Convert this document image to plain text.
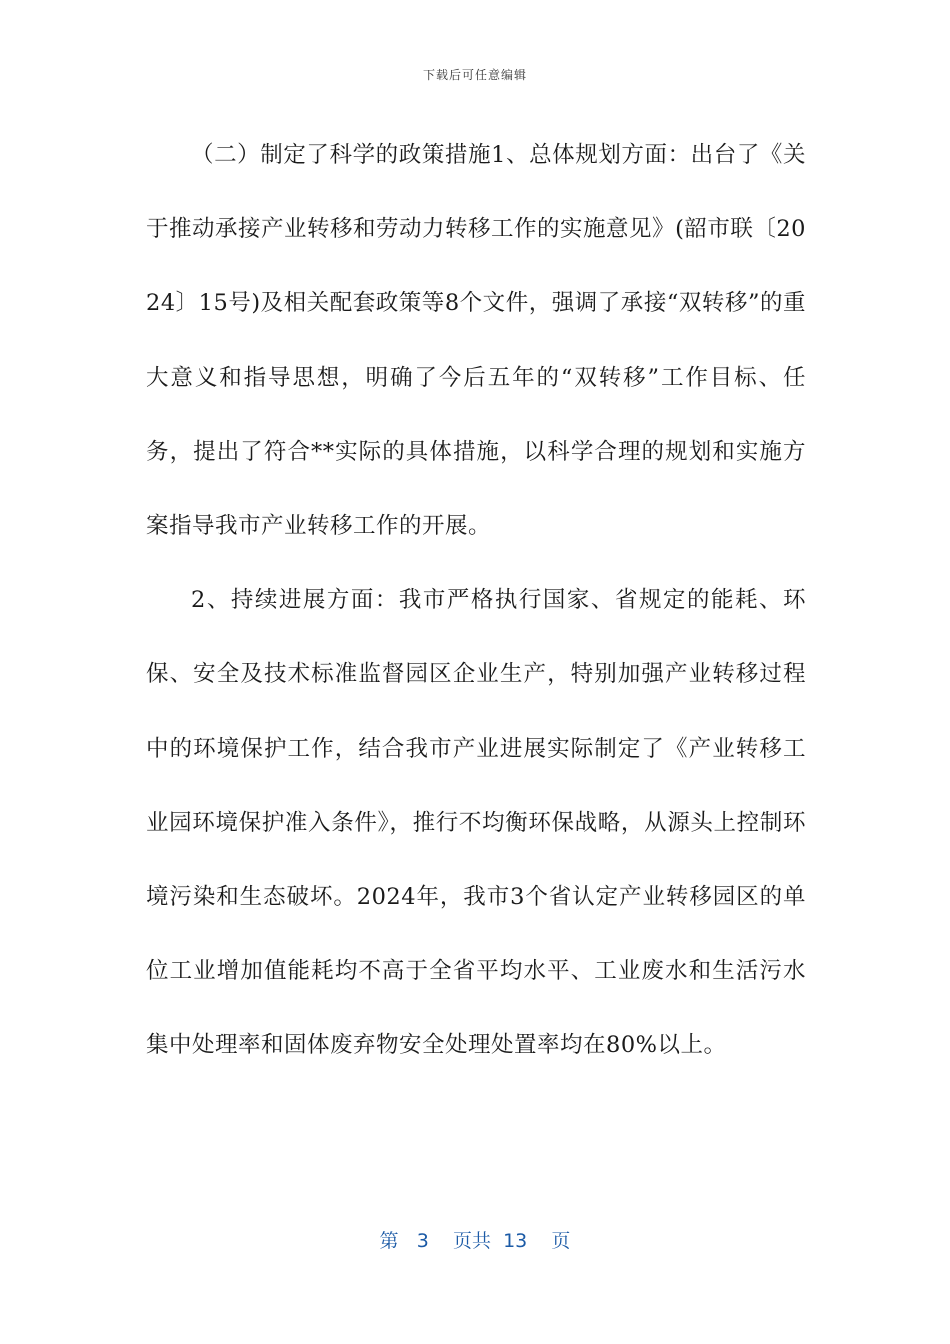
下载后可任意编辑

（二）制定了科学的政策措施1、总体规划方面：出台了《关于推动承接产业转移和劳动力转移工作的实施意见》(韶市联〔2024〕15号)及相关配套政策等8个文件，强调了承接“双转移”的重大意义和指导思想，明确了今后五年的“双转移”工作目标、任务，提出了符合**实际的具体措施，以科学合理的规划和实施方案指导我市产业转移工作的开展。

2、持续进展方面：我市严格执行国家、省规定的能耗、环保、安全及技术标准监督园区企业生产，特别加强产业转移过程中的环境保护工作，结合我市产业进展实际制定了《产业转移工业园环境保护准入条件》，推行不均衡环保战略，从源头上控制环境污染和生态破坏。2024年，我市3个省认定产业转移园区的单位工业增加值能耗均不高于全省平均水平、工业废水和生活污水集中处理率和固体废弃物安全处理处置率均在80%以上。

第 3 页共 13 页
